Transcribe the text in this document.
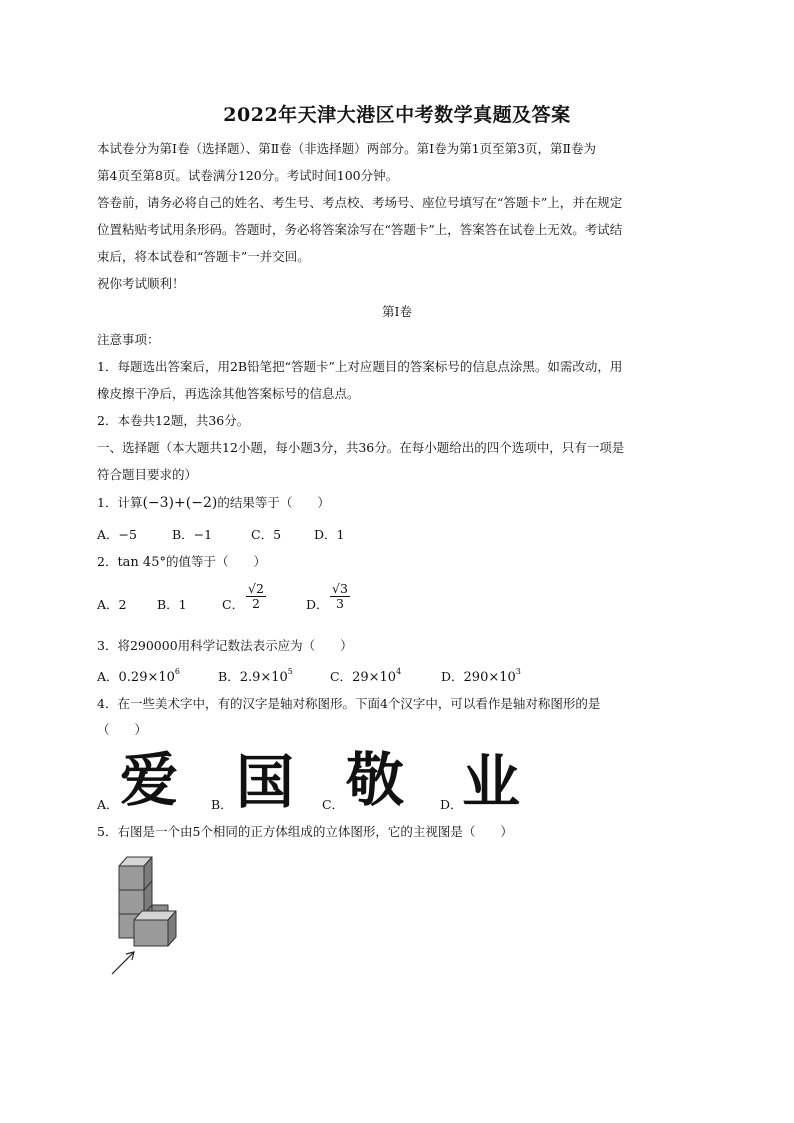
2022年天津大港区中考数学真题及答案
本试卷分为第Ⅰ卷（选择题）、第Ⅱ卷（非选择题）两部分。第Ⅰ卷为第1页至第3页，第Ⅱ卷为
第4页至第8页。试卷满分120分。考试时间100分钟。
答卷前，请务必将自己的姓名、考生号、考点校、考场号、座位号填写在“答题卡”上，并在规定
位置粘贴考试用条形码。答题时，务必将答案涂写在“答题卡”上，答案答在试卷上无效。考试结
束后，将本试卷和“答题卡”一并交回。
祝你考试顺利！
第Ⅰ卷
注意事项：
1．每题选出答案后，用2B铅笔把“答题卡”上对应题目的答案标号的信息点涂黑。如需改动，用
橡皮擦干净后，再选涂其他答案标号的信息点。
2．本卷共12题，共36分。
一、选择题（本大题共12小题，每小题3分，共36分。在每小题给出的四个选项中，只有一项是
符合题目要求的）
1．计算(−3)+(−2)的结果等于（　　）
A．−5	B．−1	C．5	D．1
2．tan 45°的值等于（　　）
A．2 B．1	C． $\frac{√2}{2}$	D． $\frac{√3}{3}$
3．将290000用科学记数法表示应为（　　）
A．$0.29\times 10^6$	B．$2.9\times 10^5$	C．$29\times 10^4$	D．$290\times 10^3$
4．在一些美术字中，有的汉字是轴对称图形。下面4个汉字中，可以看作是轴对称图形的是
（　　）
A． 爱	B． 国 C． 敬	D． 业
5．右图是一个由5个相同的正方体组成的立体图形，它的主视图是（　　）
